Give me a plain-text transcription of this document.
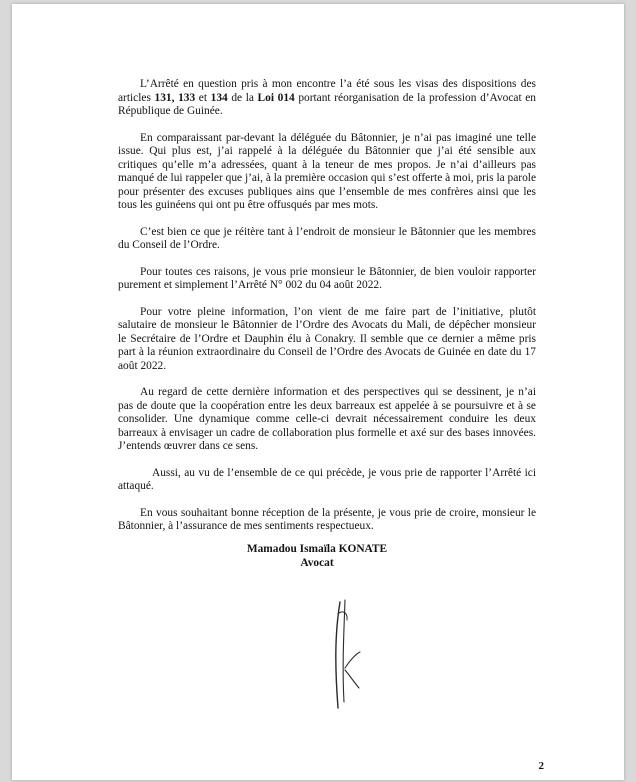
L’Arrêté en question pris à mon encontre l’a été sous les visas des dispositions des articles 131, 133 et 134 de la Loi 014 portant réorganisation de la profession d’Avocat en République de Guinée.

En comparaissant par-devant la déléguée du Bâtonnier, je n’ai pas imaginé une telle issue. Qui plus est, j’ai rappelé à la déléguée du Bâtonnier que j’ai été sensible aux critiques qu’elle m’a adressées, quant à la teneur de mes propos. Je n’ai d’ailleurs pas manqué de lui rappeler que j’ai, à la première occasion qui s’est offerte à moi, pris la parole pour présenter des excuses publiques ains que l’ensemble de mes confrères ainsi que les tous les guinéens qui ont pu être offusqués par mes mots.

C’est bien ce que je réitère tant à l’endroit de monsieur le Bâtonnier que les membres du Conseil de l’Ordre.

Pour toutes ces raisons, je vous prie monsieur le Bâtonnier, de bien vouloir rapporter purement et simplement l’Arrêté N° 002 du 04 août 2022.

Pour votre pleine information, l’on vient de me faire part de l’initiative, plutôt salutaire de monsieur le Bâtonnier de l’Ordre des Avocats du Mali, de dépêcher monsieur le Secrétaire de l’Ordre et Dauphin élu à Conakry. Il semble que ce dernier a même pris part à la réunion extraordinaire du Conseil de l’Ordre des Avocats de Guinée en date du 17 août 2022.

Au regard de cette dernière information et des perspectives qui se dessinent, je n’ai pas de doute que la coopération entre les deux barreaux est appelée à se poursuivre et à se consolider. Une dynamique comme celle-ci devrait nécessairement conduire les deux barreaux à envisager un cadre de collaboration plus formelle et axé sur des bases innovées. J’entends œuvrer dans ce sens.

Aussi, au vu de l’ensemble de ce qui précède, je vous prie de rapporter l’Arrêté ici attaqué.

En vous souhaitant bonne réception de la présente, je vous prie de croire, monsieur le Bâtonnier, à l’assurance de mes sentiments respectueux.

Mamadou Ismaïla KONATE
Avocat
2
